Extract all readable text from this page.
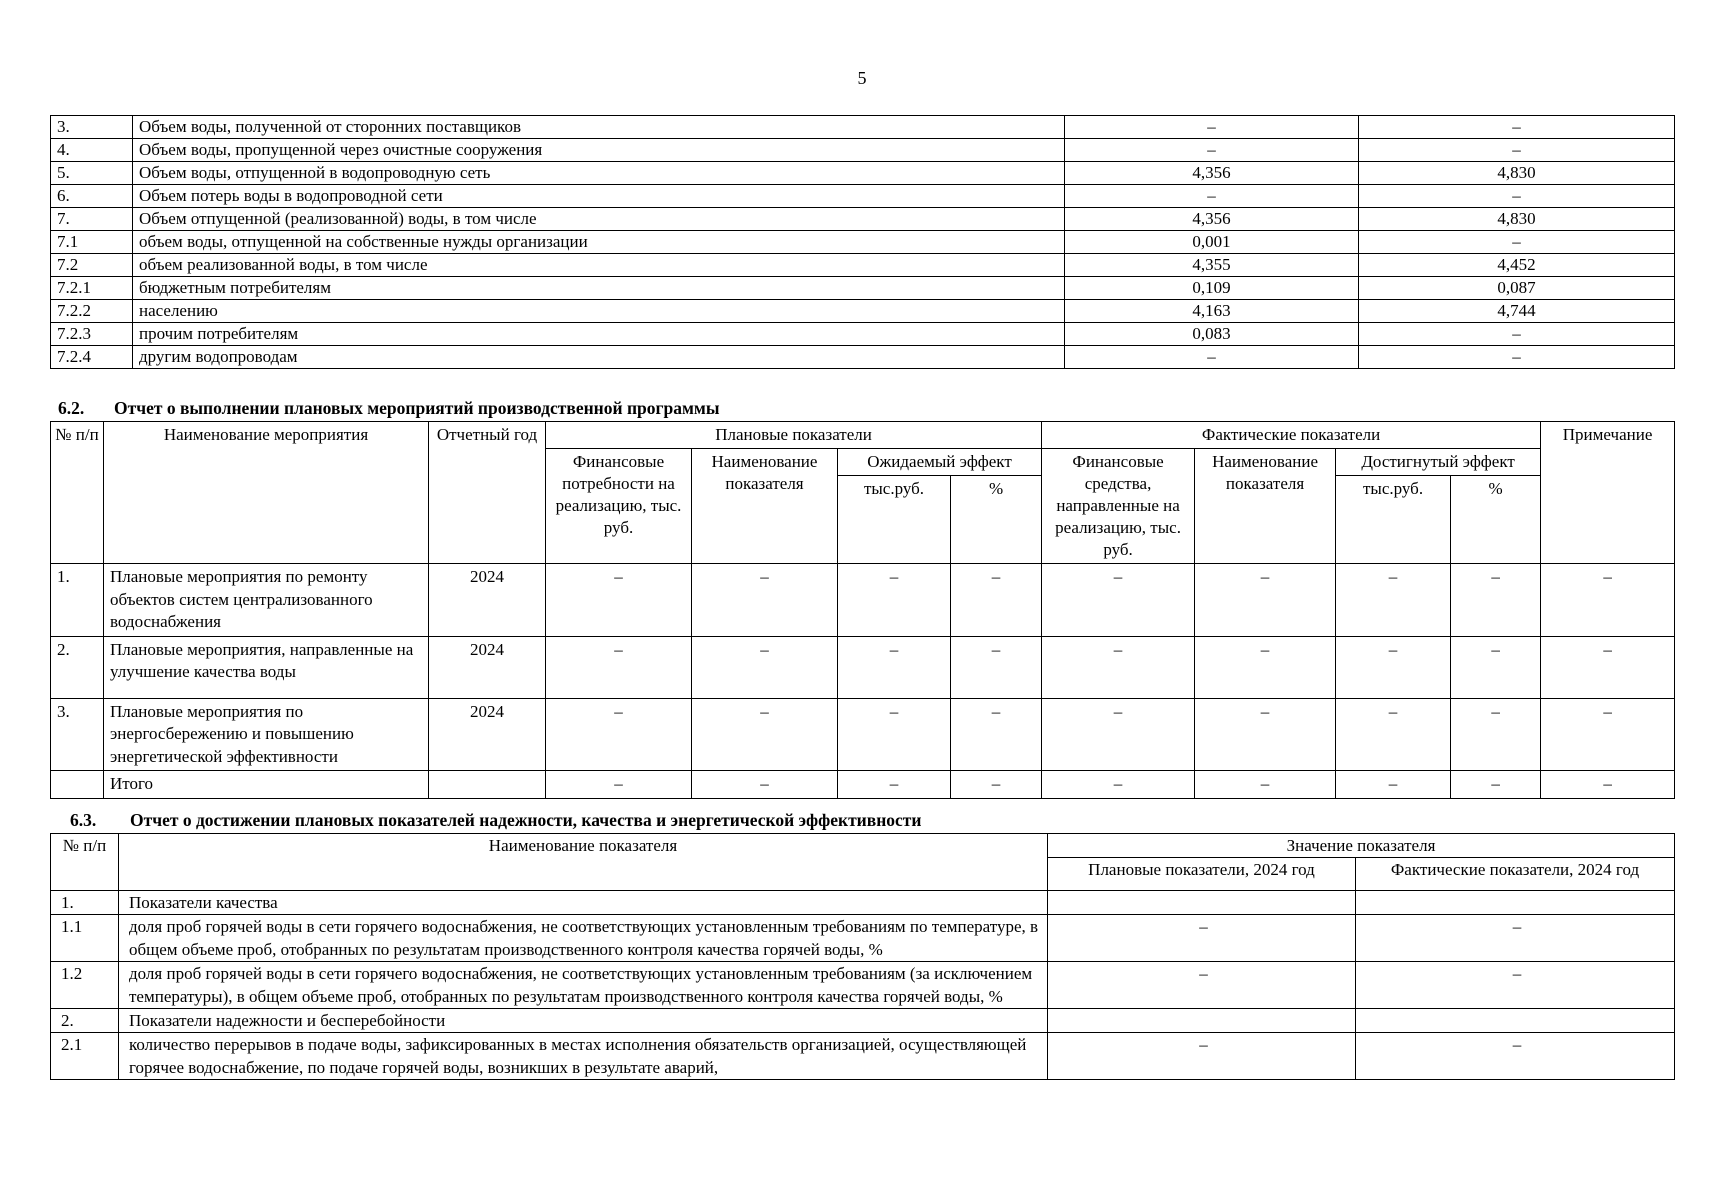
5
3.	Объем воды, полученной от сторонних поставщиков	–	–
4.	Объем воды, пропущенной через очистные сооружения	–	–
5.	Объем воды, отпущенной в водопроводную сеть	4,356	4,830
6.	Объем потерь воды в водопроводной сети	–	–
7.	Объем отпущенной (реализованной) воды, в том числе	4,356	4,830
7.1	объем воды, отпущенной на собственные нужды организации	0,001	–
7.2	объем реализованной воды, в том числе	4,355	4,452
7.2.1	бюджетным потребителям	0,109	0,087
7.2.2	населению	4,163	4,744
7.2.3	прочим потребителям	0,083	–
7.2.4	другим водопроводам	–	–
6.2. Отчет о выполнении плановых мероприятий производственной программы
№ п/п	Наименование мероприятия	Отчетный год	Плановые показатели				Фактические показатели				Примечание
			Финансовые потребности на реализацию, тыс. руб.	Наименование показателя	Ожидаемый эффект		Финансовые средства, направленные на реализацию, тыс. руб.	Наименование показателя	Достигнутый эффект		
					тыс.руб.	%			тыс.руб.	%	
1.	Плановые мероприятия по ремонту объектов систем централизованного водоснабжения	2024	–	–	–	–	–	–	–	–	–
2.	Плановые мероприятия, направленные на улучшение качества воды	2024	–	–	–	–	–	–	–	–	–
3.	Плановые мероприятия по энергосбережению и повышению энергетической эффективности	2024	–	–	–	–	–	–	–	–	–
	Итого		–	–	–	–	–	–	–	–	–
6.3. Отчет о достижении плановых показателей надежности, качества и энергетической эффективности
№ п/п	Наименование показателя	Значение показателя	
		Плановые показатели, 2024 год	Фактические показатели, 2024 год
1.	Показатели качества		
1.1	доля проб горячей воды в сети горячего водоснабжения, не соответствующих установленным требованиям по температуре, в общем объеме проб, отобранных по результатам производственного контроля качества горячей воды, %	–	–
1.2	доля проб горячей воды в сети горячего водоснабжения, не соответствующих установленным требованиям (за исключением температуры), в общем объеме проб, отобранных по результатам производственного контроля качества горячей воды, %	–	–
2.	Показатели надежности и бесперебойности		
2.1	количество перерывов в подаче воды, зафиксированных в местах исполнения обязательств организацией, осуществляющей горячее водоснабжение, по подаче горячей воды, возникших в результате аварий,	–	–
